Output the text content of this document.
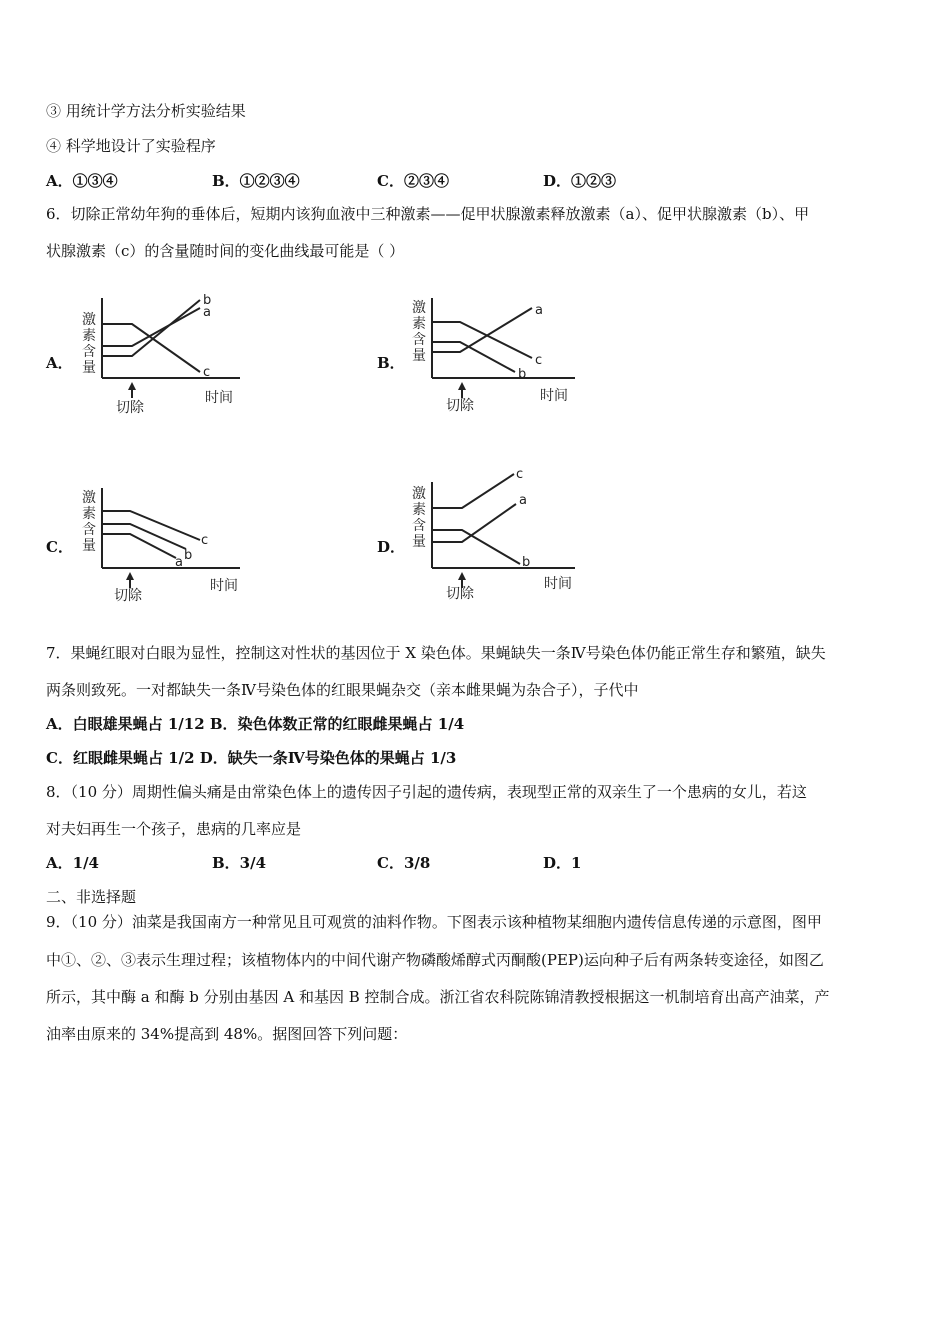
③ 用统计学方法分析实验结果
④ 科学地设计了实验程序
A．①③④	B．①②③④	C．②③④	D．①②③
6．切除正常幼年狗的垂体后，短期内该狗血液中三种激素——促甲状腺激素释放激素（a）、促甲状腺激素（b）、甲
状腺激素（c）的含量随时间的变化曲线最可能是（ ）
A．	B．
C．	D．
b
a
c
激
素
含
量
切除
时间
a
c
b
激
素
含
量
切除
时间
c
b
a
激
素
含
量
切除
时间
c
a
b
激
素
含
量
切除
时间
7．果蝇红眼对白眼为显性，控制这对性状的基因位于 X 染色体。果蝇缺失一条Ⅳ号染色体仍能正常生存和繁殖，缺失
两条则致死。一对都缺失一条Ⅳ号染色体的红眼果蝇杂交（亲本雌果蝇为杂合子），子代中
A．白眼雄果蝇占 1/12 B．染色体数正常的红眼雌果蝇占 1/4
C．红眼雌果蝇占 1/2 D．缺失一条Ⅳ号染色体的果蝇占 1/3
8．（10 分）周期性偏头痛是由常染色体上的遗传因子引起的遗传病，表现型正常的双亲生了一个患病的女儿，若这
对夫妇再生一个孩子，患病的几率应是
A．1/4	B．3/4	C．3/8	D．1
二、非选择题
9．（10 分）油菜是我国南方一种常见且可观赏的油料作物。下图表示该种植物某细胞内遗传信息传递的示意图，图甲
中①、②、③表示生理过程；该植物体内的中间代谢产物磷酸烯醇式丙酮酸(PEP)运向种子后有两条转变途径，如图乙
所示，其中酶 a 和酶 b 分别由基因 A 和基因 B 控制合成。浙江省农科院陈锦清教授根据这一机制培育出高产油菜，产
油率由原来的 34%提高到 48%。据图回答下列问题：
